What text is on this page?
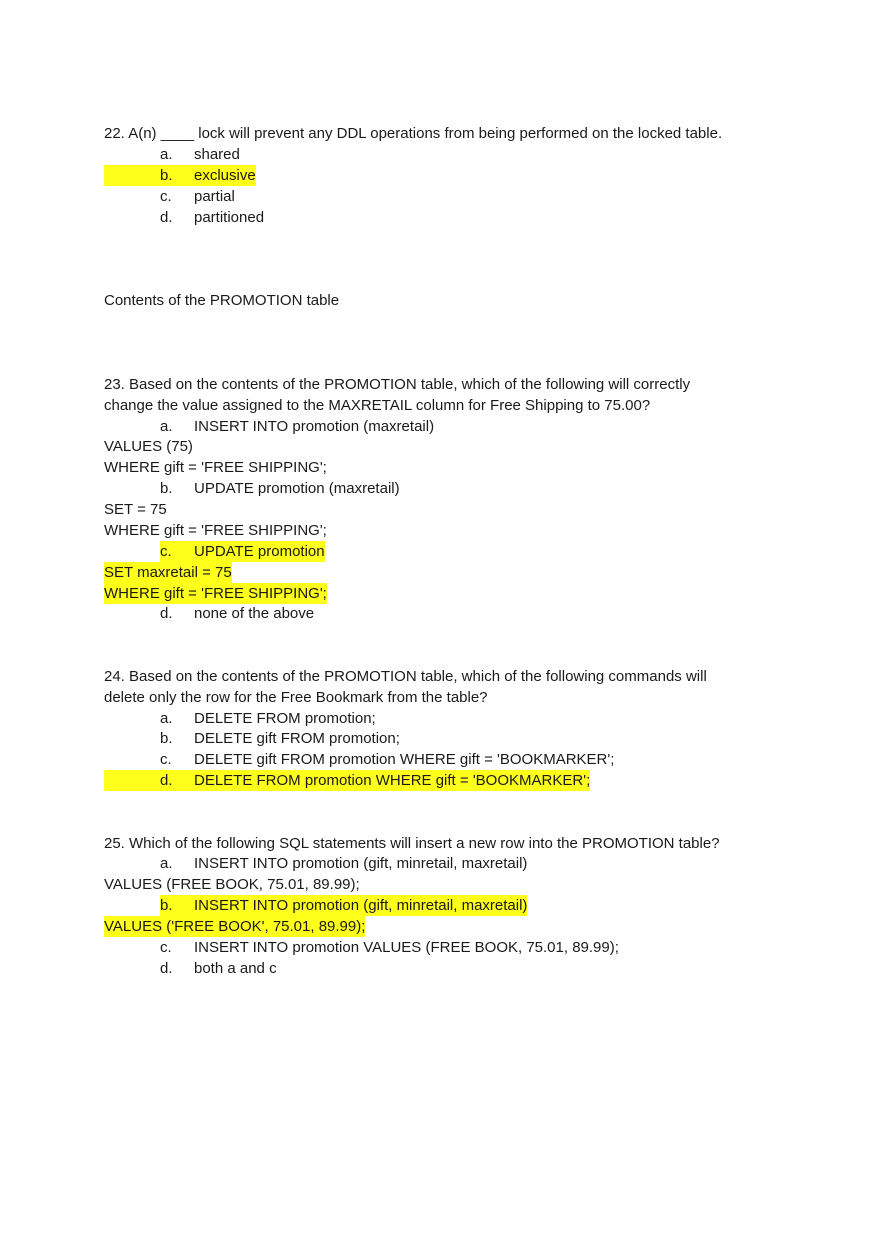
22. A(n) ____ lock will prevent any DDL operations from being performed on the locked table.
a. shared
b. exclusive
c. partial
d. partitioned
Contents of the PROMOTION table
23. Based on the contents of the PROMOTION table, which of the following will correctly
change the value assigned to the MAXRETAIL column for Free Shipping to 75.00?
a. INSERT INTO promotion (maxretail)
VALUES (75)
WHERE gift = 'FREE SHIPPING';
b. UPDATE promotion (maxretail)
SET = 75
WHERE gift = 'FREE SHIPPING';
c. UPDATE promotion
SET maxretail = 75
WHERE gift = 'FREE SHIPPING';
d. none of the above
24. Based on the contents of the PROMOTION table, which of the following commands will
delete only the row for the Free Bookmark from the table?
a. DELETE FROM promotion;
b. DELETE gift FROM promotion;
c. DELETE gift FROM promotion WHERE gift = 'BOOKMARKER';
d. DELETE FROM promotion WHERE gift = 'BOOKMARKER';
25. Which of the following SQL statements will insert a new row into the PROMOTION table?
a. INSERT INTO promotion (gift, minretail, maxretail)
VALUES (FREE BOOK, 75.01, 89.99);
b. INSERT INTO promotion (gift, minretail, maxretail)
VALUES ('FREE BOOK', 75.01, 89.99);
c. INSERT INTO promotion VALUES (FREE BOOK, 75.01, 89.99);
d. both a and c
